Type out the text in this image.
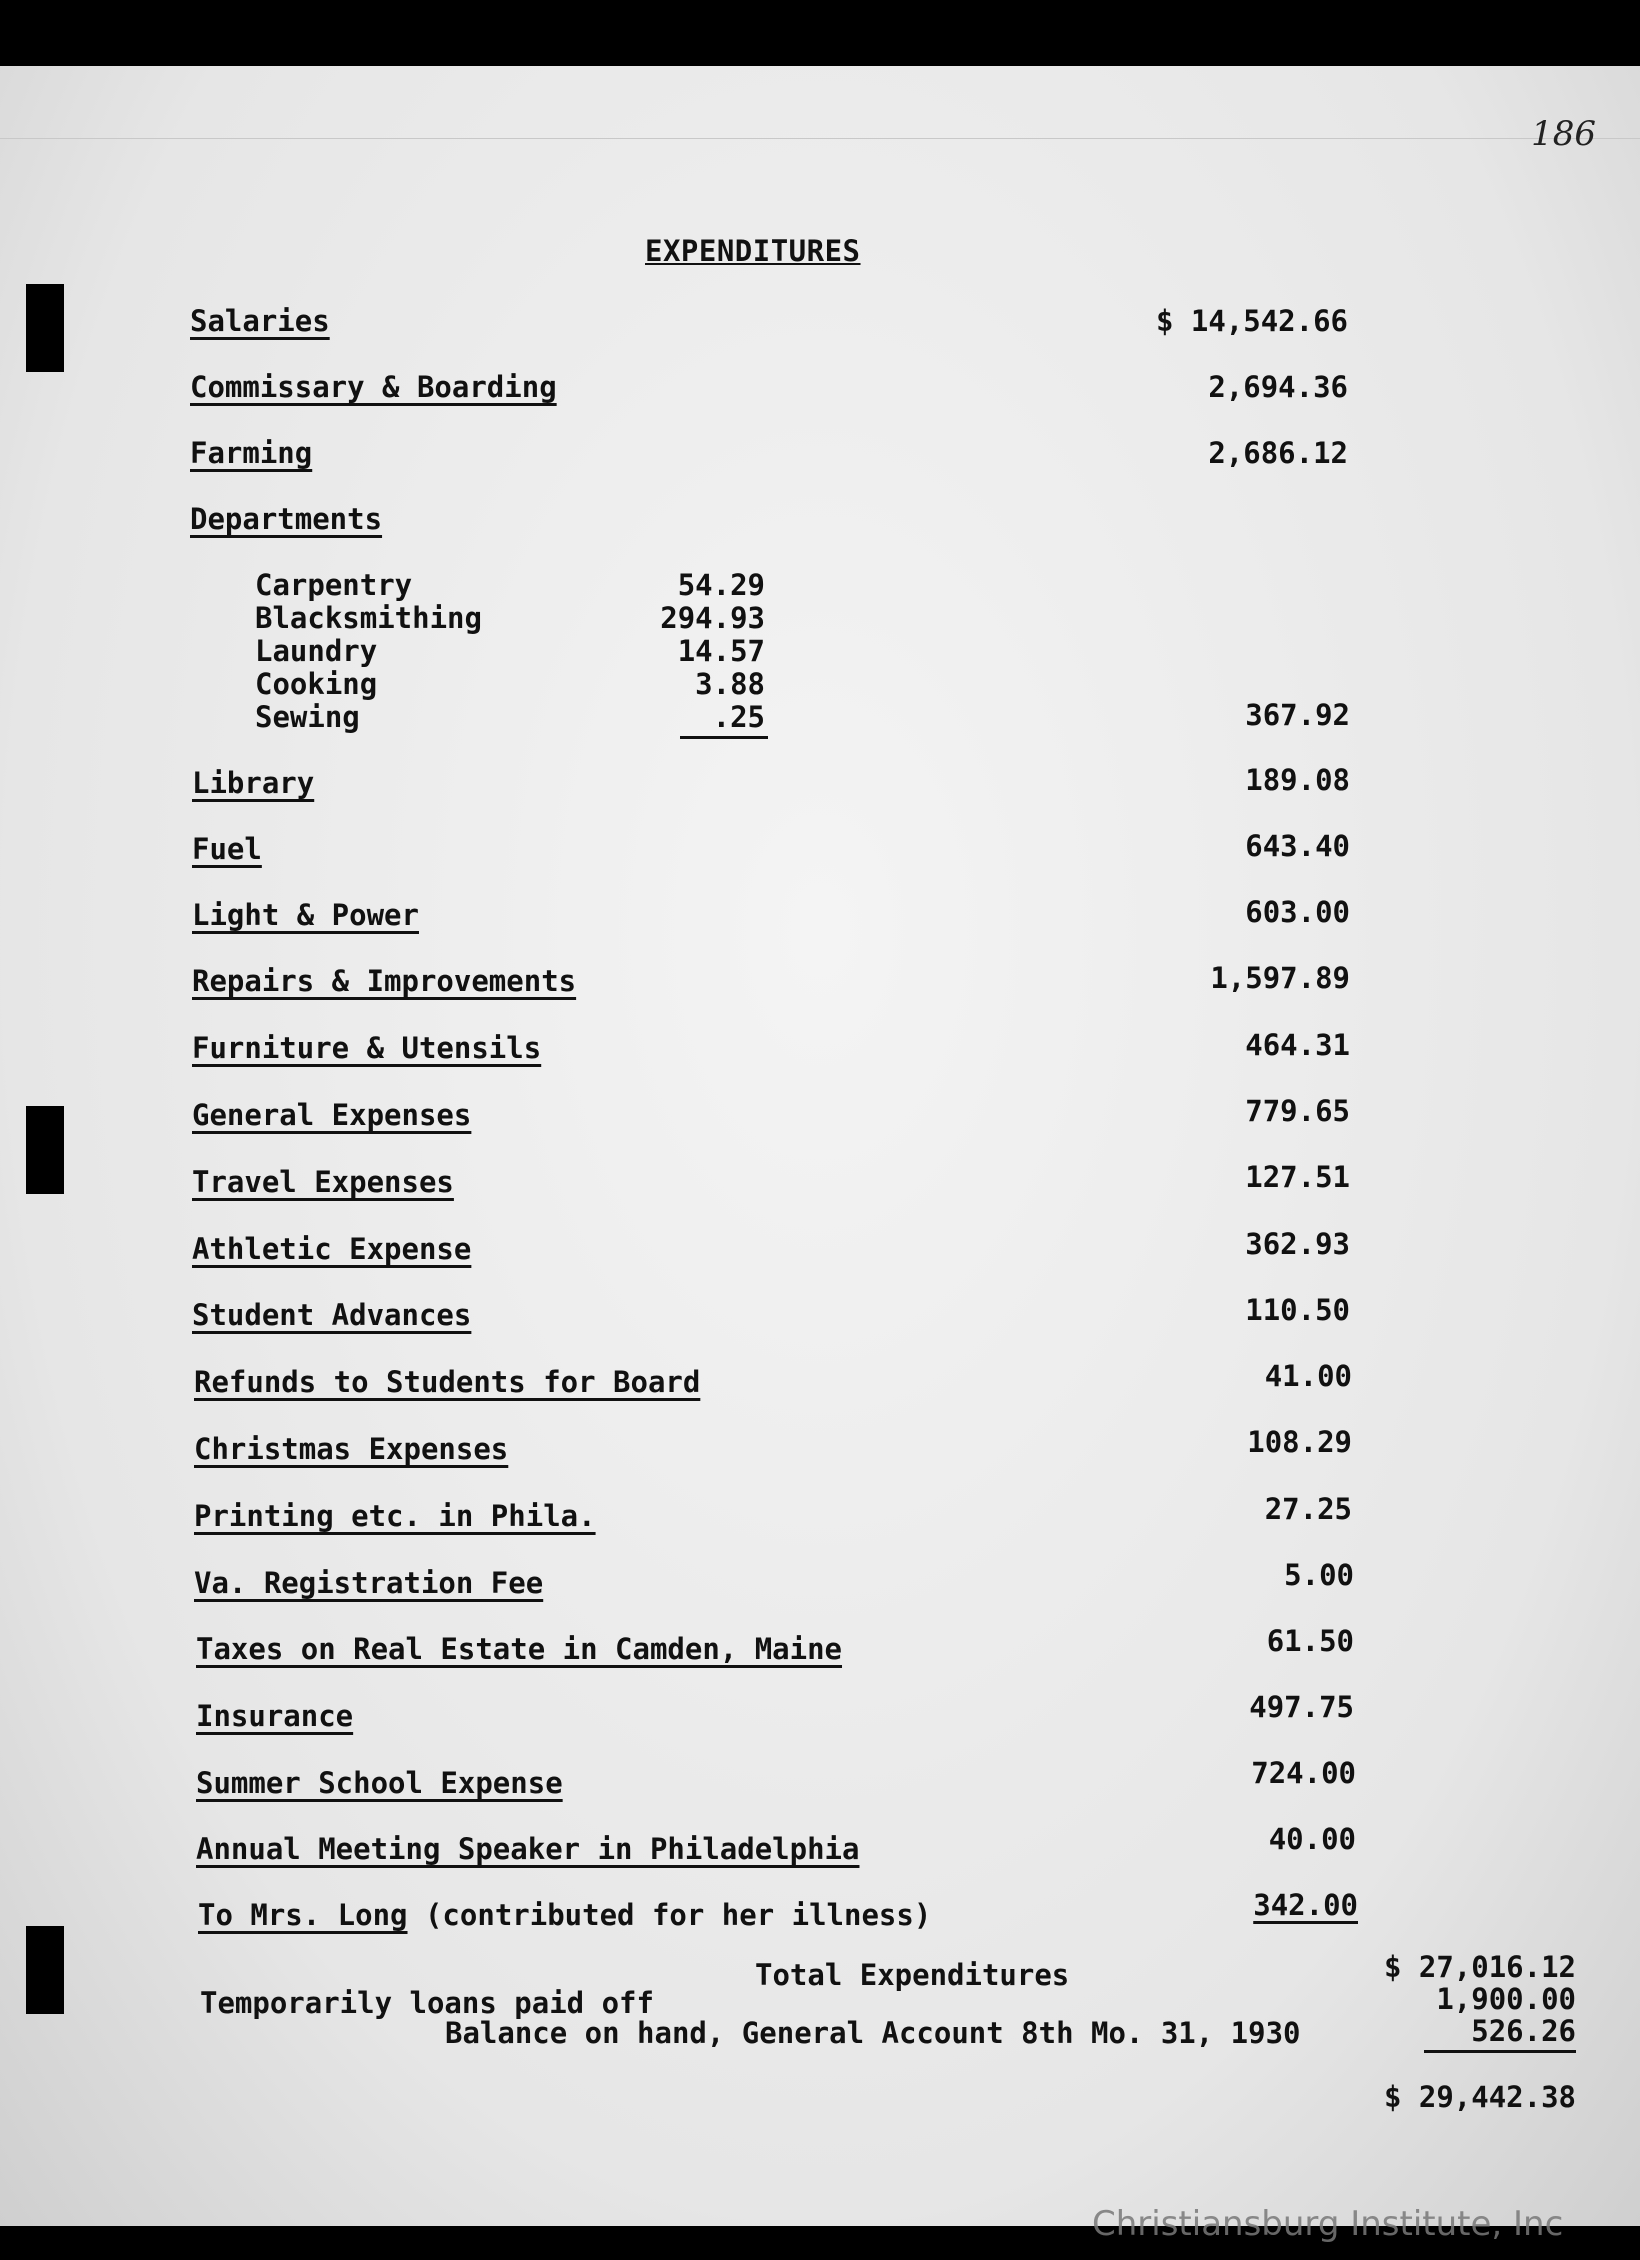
186
EXPENDITURES
Salaries	$ 14,542.66
Commissary & Boarding	2,694.36
Farming	2,686.12
Departments
Carpentry	54.29
Blacksmithing	294.93
Laundry	14.57
Cooking	3.88
Sewing	.25	367.92
Library	189.08
Fuel	643.40
Light & Power	603.00
Repairs & Improvements	1,597.89
Furniture & Utensils	464.31
General Expenses	779.65
Travel Expenses	127.51
Athletic Expense	362.93
Student Advances	110.50
Refunds to Students for Board	41.00
Christmas Expenses	108.29
Printing etc. in Phila.	27.25
Va. Registration Fee	5.00
Taxes on Real Estate in Camden, Maine	61.50
Insurance	497.75
Summer School Expense	724.00
Annual Meeting Speaker in Philadelphia	40.00
To Mrs. Long (contributed for her illness)	342.00
Total Expenditures	$ 27,016.12
Temporarily loans paid off	1,900.00
Balance on hand, General Account 8th Mo. 31, 1930	526.26
$ 29,442.38
Christiansburg Institute, Inc
